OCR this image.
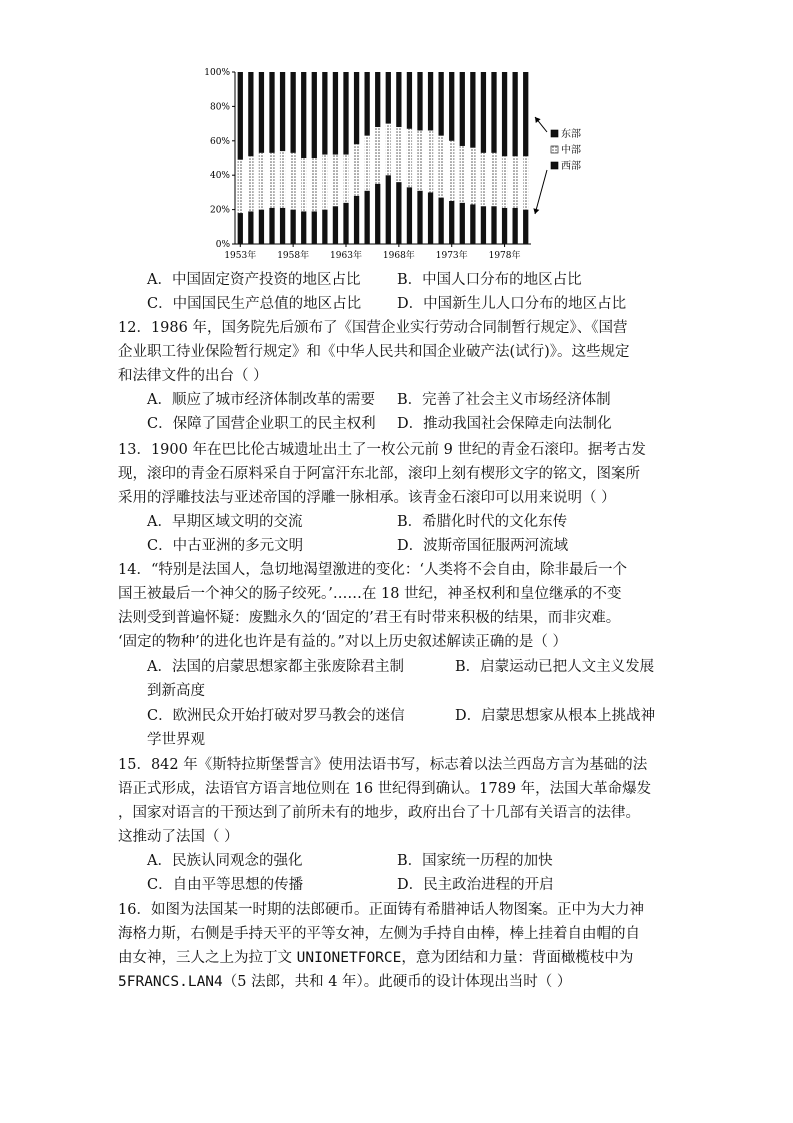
0%
20%
40%
60%
80%
100%
1953年 1958年 1963年 1968年 1973年 1978年
东部
中部
西部
A．中国固定资产投资的地区占比	B．中国人口分布的地区占比
C．中国国民生产总值的地区占比 D．中国新生儿人口分布的地区占比
12．1986 年，国务院先后颁布了《国营企业实行劳动合同制暂行规定》、《国营
企业职工待业保险暂行规定》和《中华人民共和国企业破产法(试行)》。这些规定
和法律文件的出台（ ）
A．顺应了城市经济体制改革的需要 B．完善了社会主义市场经济体制
C．保障了国营企业职工的民主权利 D．推动我国社会保障走向法制化
13．1900 年在巴比伦古城遗址出土了一枚公元前 9 世纪的青金石滚印。据考古发
现，滚印的青金石原料采自于阿富汗东北部，滚印上刻有楔形文字的铭文，图案所
采用的浮雕技法与亚述帝国的浮雕一脉相承。该青金石滚印可以用来说明（ ）
A．早期区域文明的交流	B．希腊化时代的文化东传
C．中古亚洲的多元文明	D．波斯帝国征服两河流域
14．“特别是法国人，急切地渴望激进的变化：‘人类将不会自由，除非最后一个
国王被最后一个神父的肠子绞死。’……在 18 世纪，神圣权利和皇位继承的不变
法则受到普遍怀疑：废黜永久的‘固定的’君王有时带来积极的结果，而非灾难。
‘固定的物种’的进化也许是有益的。”对以上历史叙述解读正确的是（ ）
A．法国的启蒙思想家都主张废除君主制	B．启蒙运动已把人文主义发展
到新高度
C．欧洲民众开始打破对罗马教会的迷信	D．启蒙思想家从根本上挑战神
学世界观
15．842 年《斯特拉斯堡誓言》使用法语书写，标志着以法兰西岛方言为基础的法
语正式形成，法语官方语言地位则在 16 世纪得到确认。1789 年，法国大革命爆发
，国家对语言的干预达到了前所未有的地步，政府出台了十几部有关语言的法律。
这推动了法国（ ）
A．民族认同观念的强化	B．国家统一历程的加快
C．自由平等思想的传播	D．民主政治进程的开启
16．如图为法国某一时期的法郎硬币。正面铸有希腊神话人物图案。正中为大力神
海格力斯，右侧是手持天平的平等女神，左侧为手持自由棒，棒上挂着自由帽的自
由女神，三人之上为拉丁文 UNIONETFORCE，意为团结和力量：背面橄榄枝中为
5FRANCS.LAN4（5 法郎，共和 4 年）。此硬币的设计体现出当时（ ）
